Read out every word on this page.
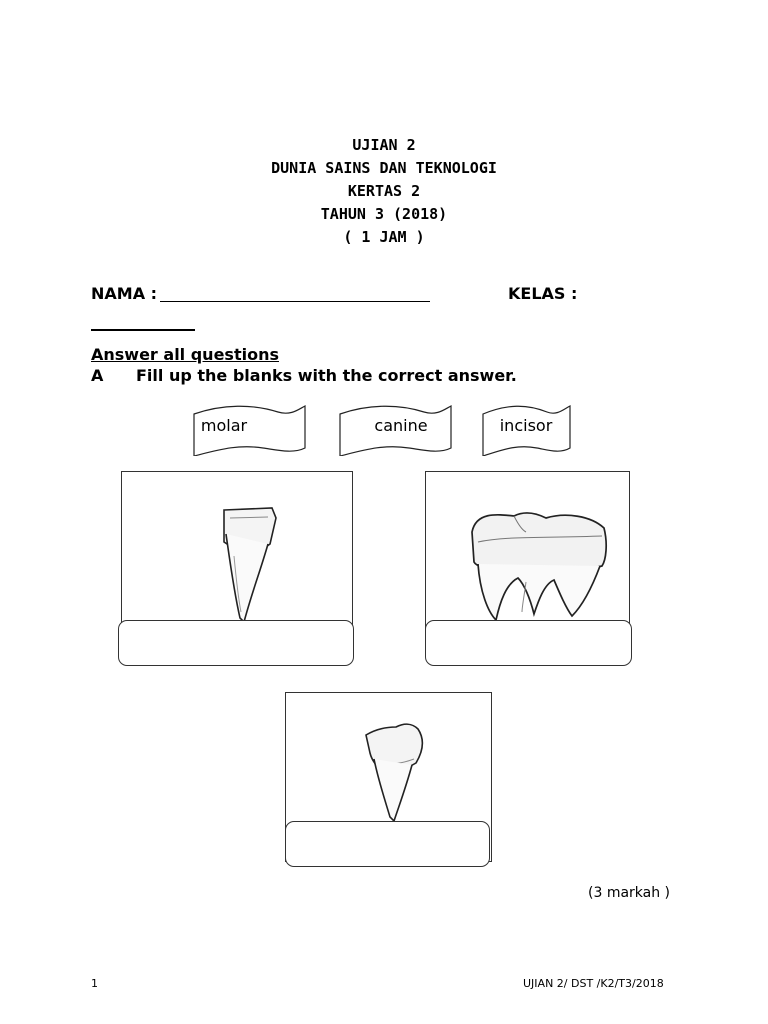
UJIAN 2
DUNIA SAINS DAN TEKNOLOGI
KERTAS 2
TAHUN 3 (2018)
( 1 JAM )
NAMA :	KELAS :
Answer all questions
A Fill up the blanks with the correct answer.
molar	canine	incisor
(3 markah )
1	UJIAN 2/ DST /K2/T3/2018
